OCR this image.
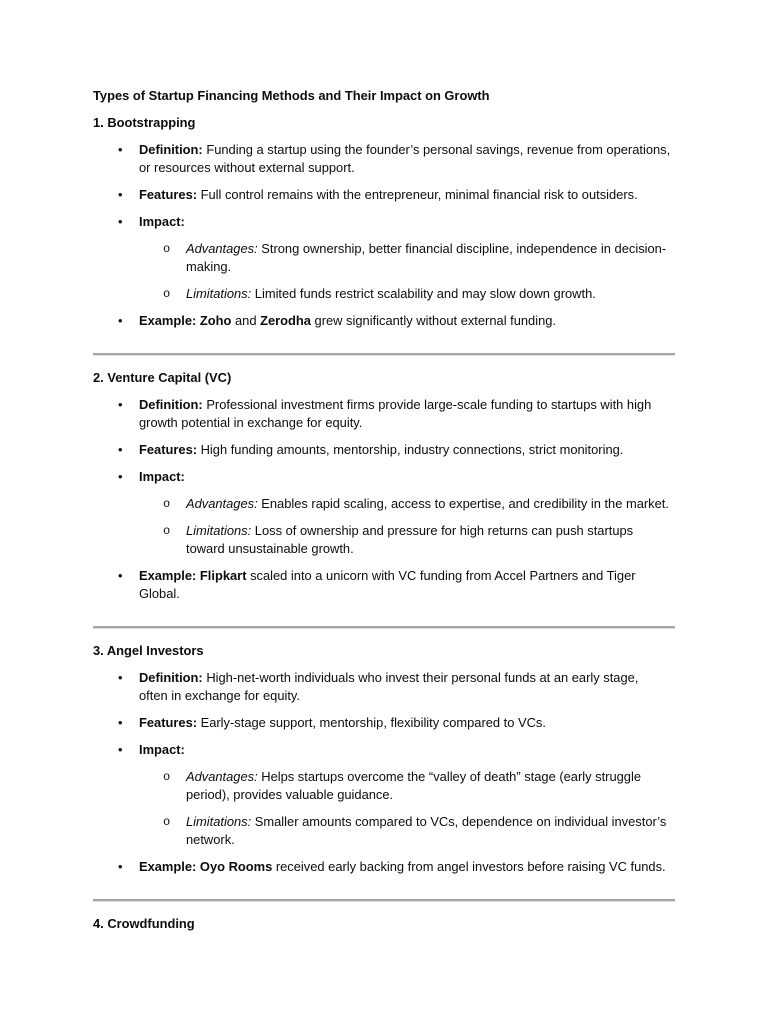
Types of Startup Financing Methods and Their Impact on Growth
1. Bootstrapping
• Definition: Funding a startup using the founder’s personal savings, revenue from operations,
or resources without external support.
• Features: Full control remains with the entrepreneur, minimal financial risk to outsiders.
• Impact:
o Advantages: Strong ownership, better financial discipline, independence in decision-
making.
o Limitations: Limited funds restrict scalability and may slow down growth.
• Example: Zoho and Zerodha grew significantly without external funding.
2. Venture Capital (VC)
• Definition: Professional investment firms provide large-scale funding to startups with high
growth potential in exchange for equity.
• Features: High funding amounts, mentorship, industry connections, strict monitoring.
• Impact:
o Advantages: Enables rapid scaling, access to expertise, and credibility in the market.
o Limitations: Loss of ownership and pressure for high returns can push startups
toward unsustainable growth.
• Example: Flipkart scaled into a unicorn with VC funding from Accel Partners and Tiger
Global.
3. Angel Investors
• Definition: High-net-worth individuals who invest their personal funds at an early stage,
often in exchange for equity.
• Features: Early-stage support, mentorship, flexibility compared to VCs.
• Impact:
o Advantages: Helps startups overcome the “valley of death” stage (early struggle
period), provides valuable guidance.
o Limitations: Smaller amounts compared to VCs, dependence on individual investor’s
network.
• Example: Oyo Rooms received early backing from angel investors before raising VC funds.
4. Crowdfunding
